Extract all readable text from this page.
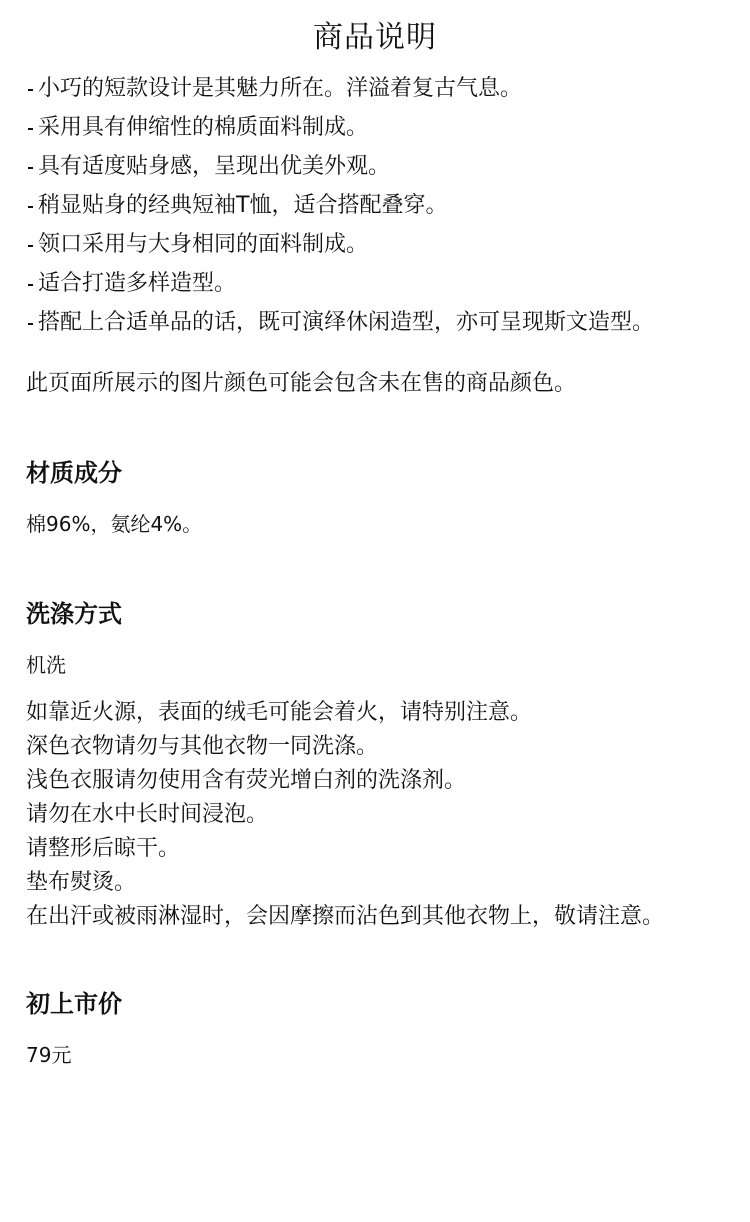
商品说明
小巧的短款设计是其魅力所在。洋溢着复古气息。
采用具有伸缩性的棉质面料制成。
具有适度贴身感，呈现出优美外观。
稍显贴身的经典短袖T恤，适合搭配叠穿。
领口采用与大身相同的面料制成。
适合打造多样造型。
搭配上合适单品的话，既可演绎休闲造型，亦可呈现斯文造型。

此页面所展示的图片颜色可能会包含未在售的商品颜色。

材质成分

棉96%，氨纶4%。

洗涤方式

机洗

如靠近火源，表面的绒毛可能会着火，请特别注意。
深色衣物请勿与其他衣物一同洗涤。
浅色衣服请勿使用含有荧光增白剂的洗涤剂。
请勿在水中长时间浸泡。
请整形后晾干。
垫布熨烫。
在出汗或被雨淋湿时，会因摩擦而沾色到其他衣物上，敬请注意。
初上市价

79元
